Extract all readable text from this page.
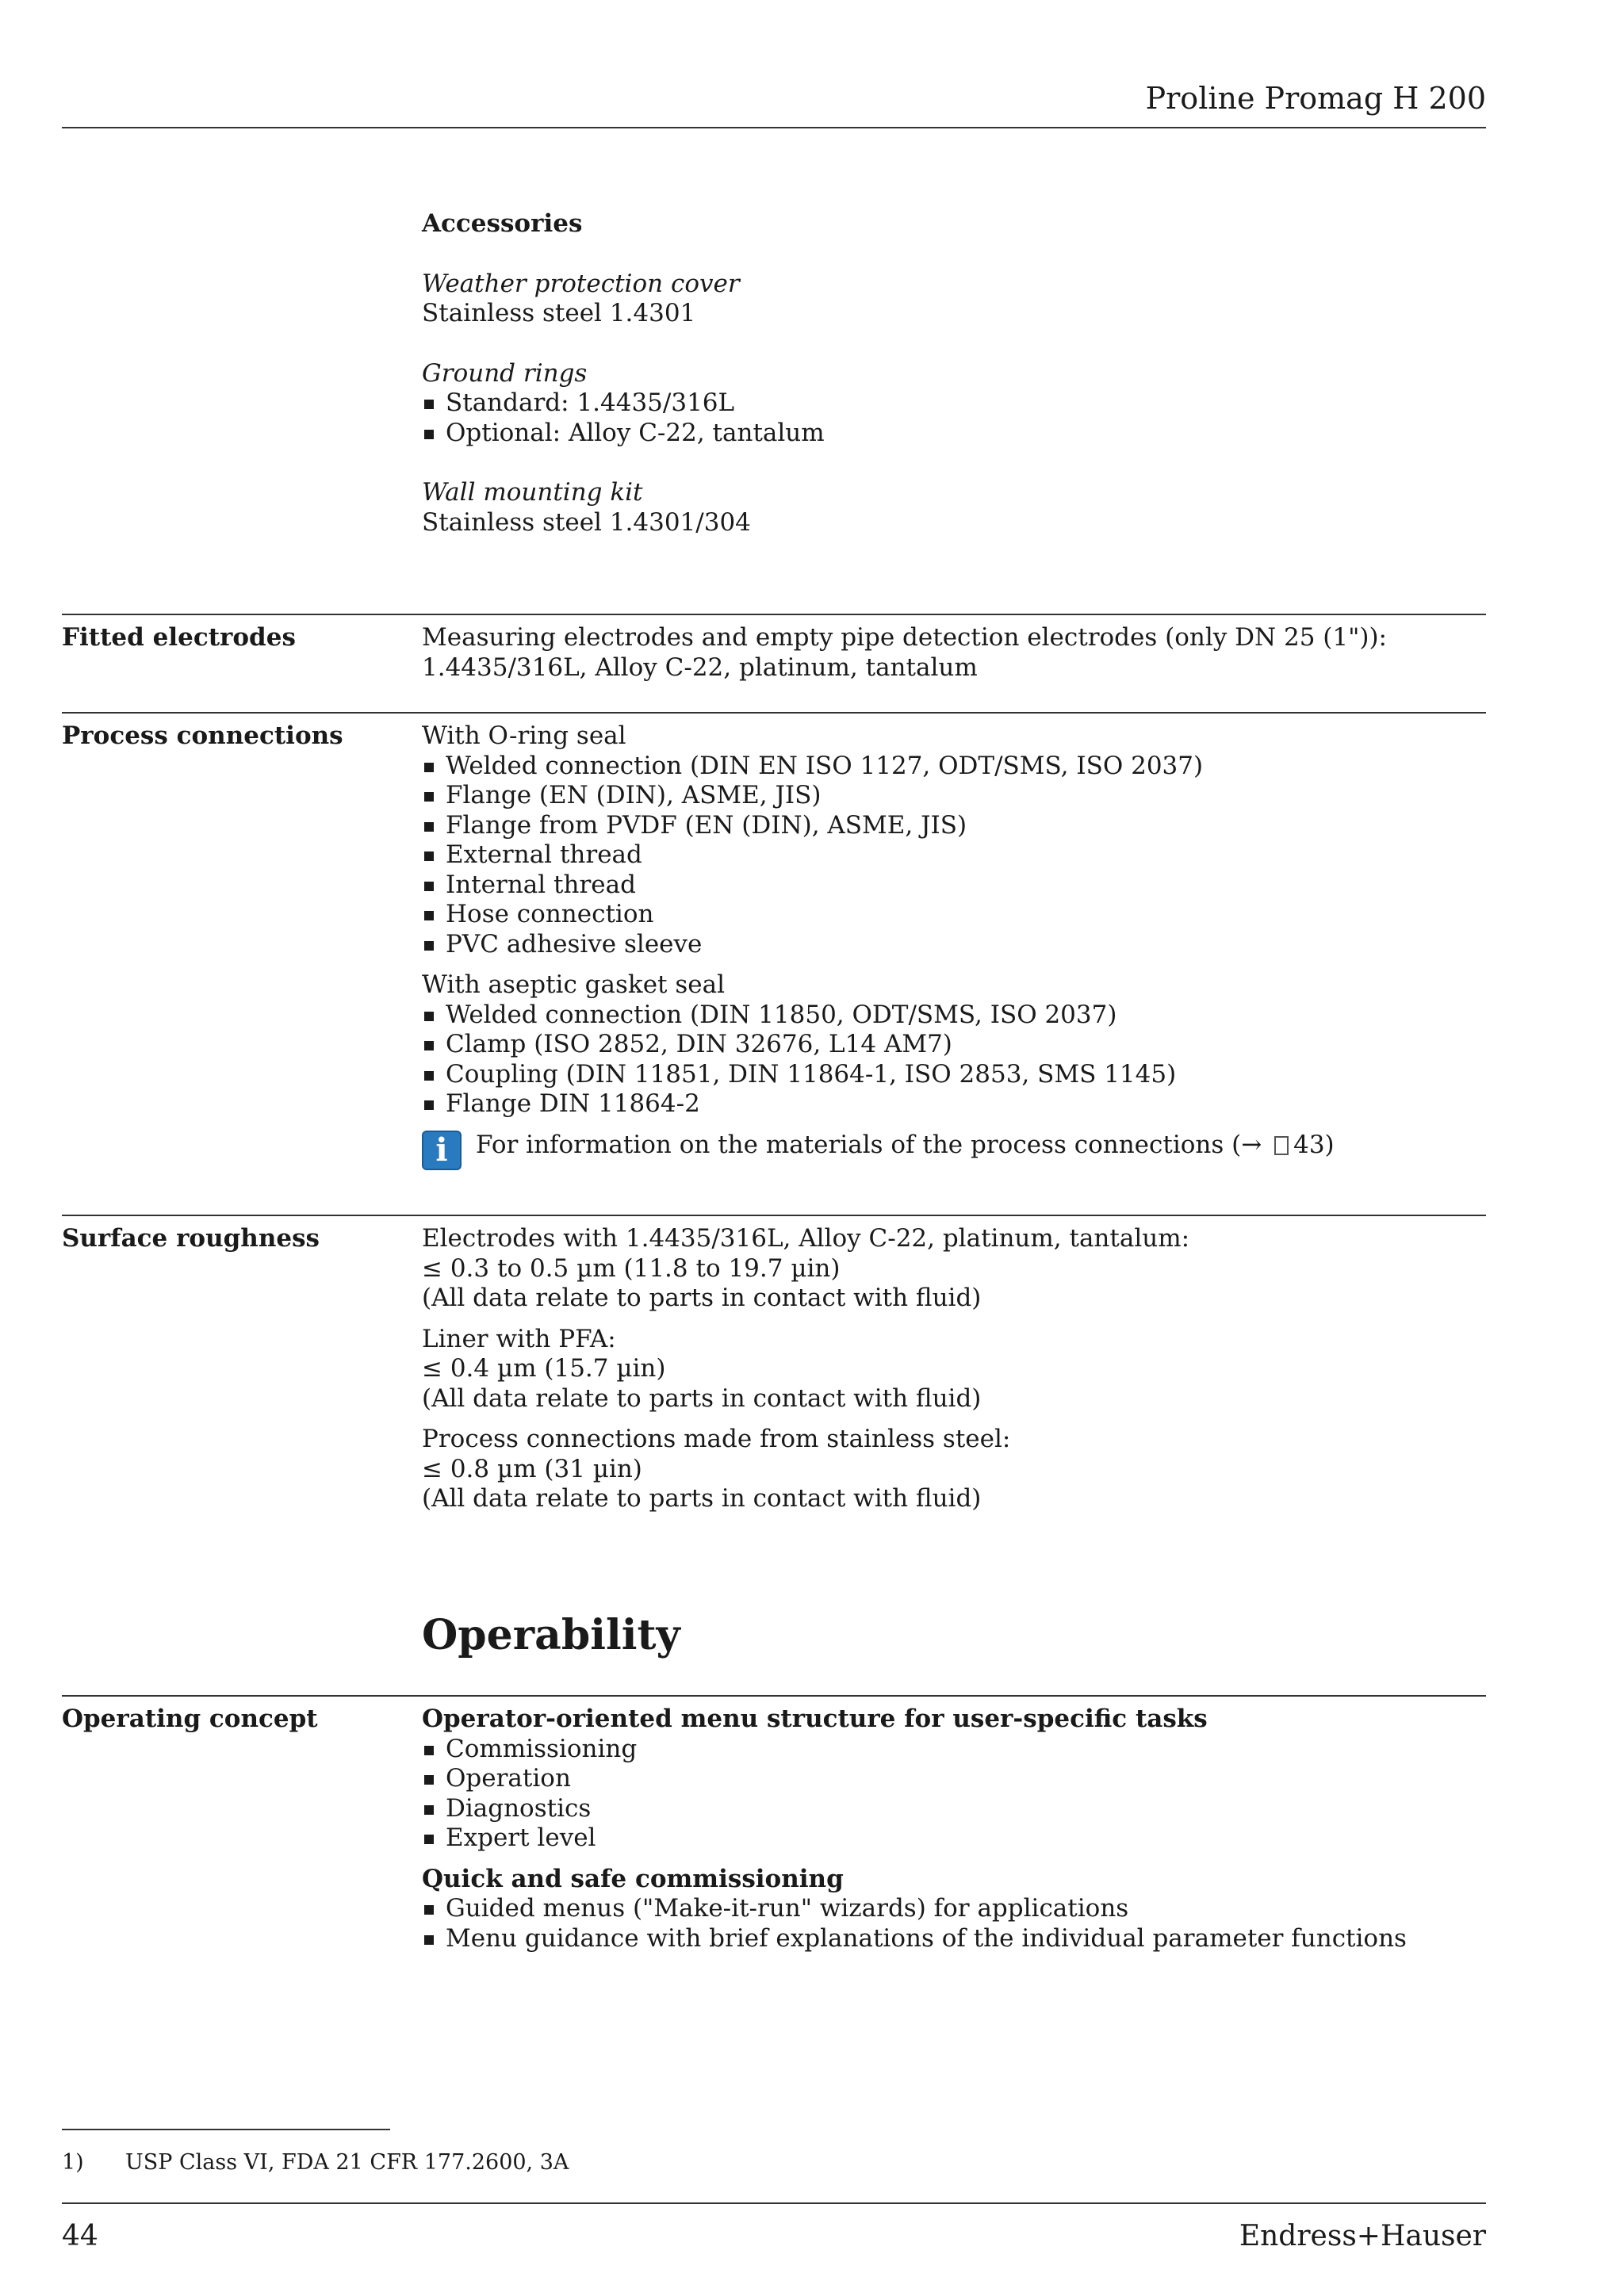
Proline Promag H 200

Accessories

Weather protection cover

Stainless steel 1.4301

Ground rings

Standard: 1.4435/316L
Optional: Alloy C-22, tantalum

Wall mounting kit

Stainless steel 1.4301/304

Fitted electrodes	Measuring electrodes and empty pipe detection electrodes (only DN 25 (1")):

1.4435/316L, Alloy C-22, platinum, tantalum

Process connections	With O-ring seal

Welded connection (DIN EN ISO 1127, ODT/SMS, ISO 2037)
Flange (EN (DIN), ASME, JIS)
Flange from PVDF (EN (DIN), ASME, JIS)
External thread
Internal thread
Hose connection
PVC adhesive sleeve

With aseptic gasket seal

Welded connection (DIN 11850, ODT/SMS, ISO 2037)
Clamp (ISO 2852, DIN 32676, L14 AM7)
Coupling (DIN 11851, DIN 11864-1, ISO 2853, SMS 1145)
Flange DIN 11864-2
i	For information on the materials of the process connections (→ 43)
Surface roughness	Electrodes with 1.4435/316L, Alloy C-22, platinum, tantalum:

≤ 0.3 to 0.5 µm (11.8 to 19.7 µin)

(All data relate to parts in contact with fluid)

Liner with PFA:

≤ 0.4 µm (15.7 µin)

(All data relate to parts in contact with fluid)

Process connections made from stainless steel:

≤ 0.8 µm (31 µin)

(All data relate to parts in contact with fluid)

Operability
Operating concept	Operator-oriented menu structure for user-specific tasks

Commissioning
Operation
Diagnostics
Expert level

Quick and safe commissioning

Guided menus ("Make-it-run" wizards) for applications
Menu guidance with brief explanations of the individual parameter functions
1) USP Class VI, FDA 21 CFR 177.2600, 3A
44	Endress+Hauser
